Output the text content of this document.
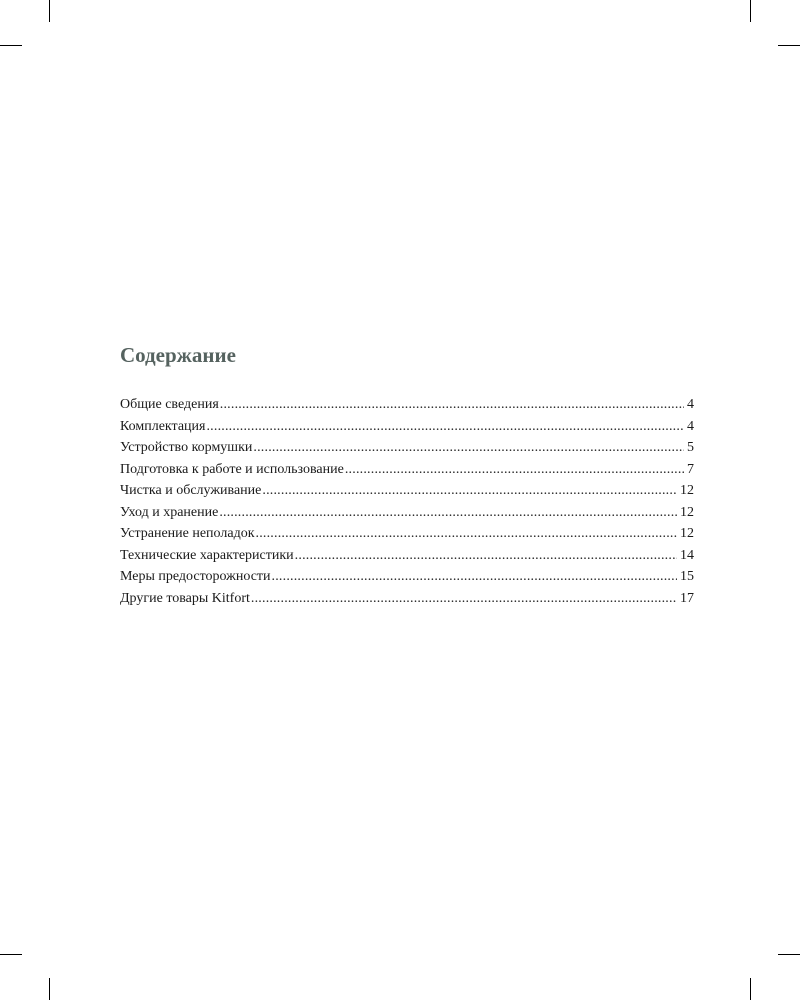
Содержание
Общие сведения .....	4
Комплектация .....	4
Устройство кормушки .....	5
Подготовка к работе и использование .....	7
Чистка и обслуживание .....	12
Уход и хранение .....	12
Устранение неполадок .....	12
Технические характеристики .....	14
Меры предосторожности .....	15
Другие товары Kitfort .....	17
